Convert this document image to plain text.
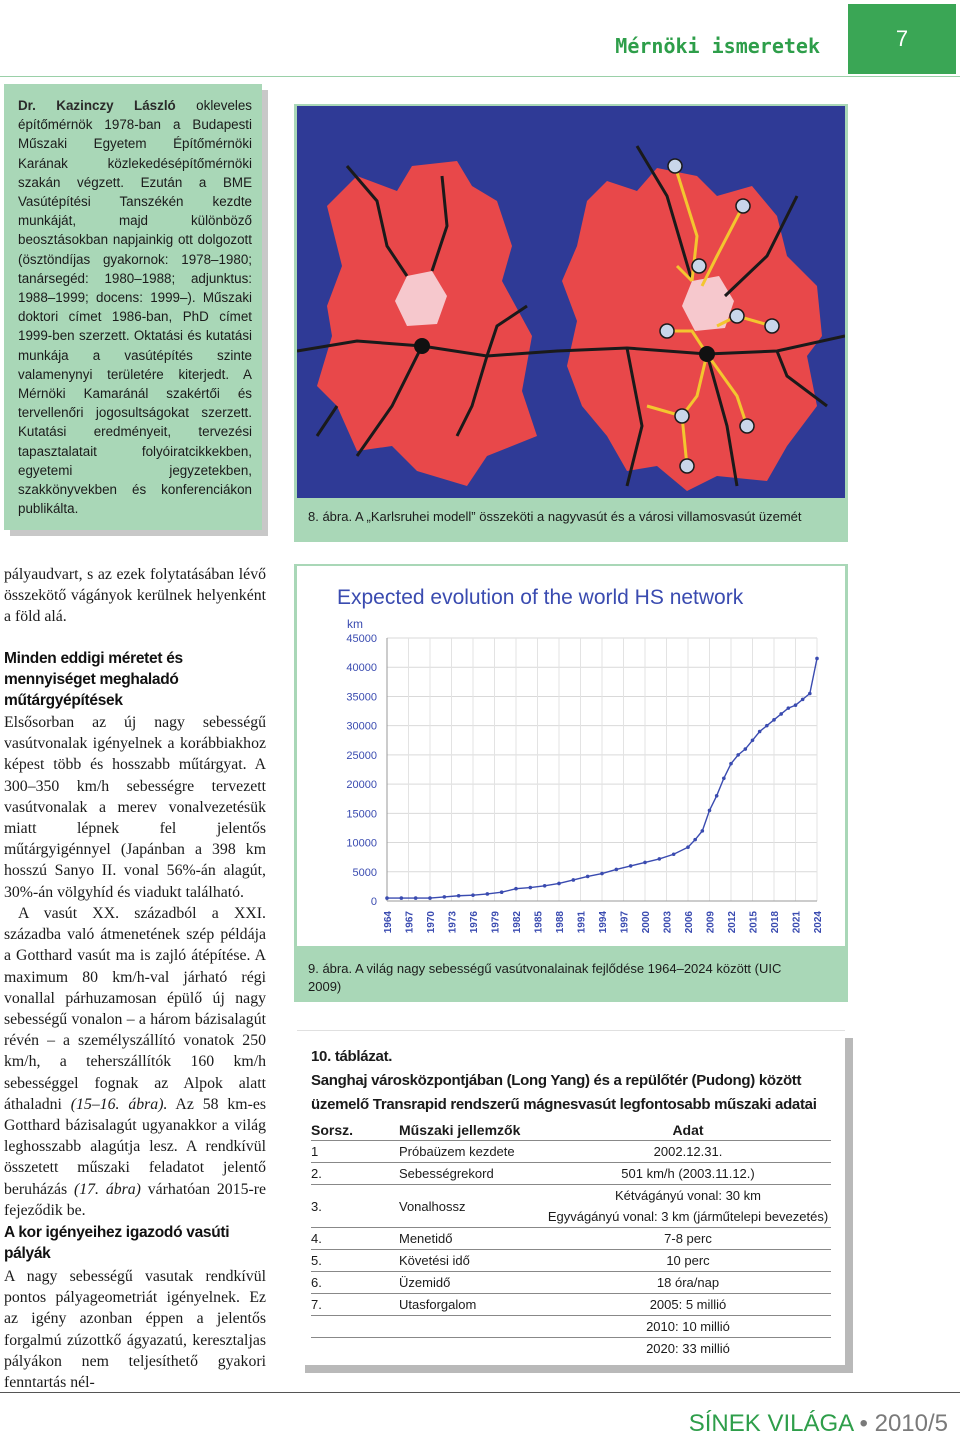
Mérnöki ismeretek	7
Dr. Kazinczy László okleveles építőmérnök 1978-ban a Budapesti Műszaki Egyetem Építőmérnöki Karának közlekedésépítőmérnöki szakán végzett. Ezután a BME Vasútépítési Tanszékén kezdte munkáját, majd különböző beosztásokban napjainkig ott dolgozott (ösztöndíjas gyakornok: 1978–1980; tanársegéd: 1980–1988; adjunktus: 1988–1999; docens: 1999–). Műszaki doktori címet 1986-ban, PhD címet 1999-ben szerzett. Oktatási és kutatási munkája a vasútépítés szinte valamenynyi területére kiterjedt. A Mérnöki Kamaránál szakértői és tervellenőri jogosultságokat szerzett. Kutatási eredményeit, tervezési tapasztalatait folyóiratcikkekben, egyetemi jegyzetekben, szakkönyvekben és konferenciákon publikálta.
8. ábra. A „Karlsruhei modell” összeköti a nagyvasút és a városi villamosvasút üzemét
Expected evolution of the world HS network
km
0
5000
10000
15000
20000
25000
30000
35000
40000
45000
1964 1967 1970 1973 1976 1979 1982 1985 1988 1991 1994 1997 2000 2003 2006 2009 2012 2015 2018 2021 2024
9. ábra. A világ nagy sebességű vasútvonalainak fejlődése 1964–2024 között (UIC 2009)
pályaudvart, s az ezek folytatásában lévő összekötő vágányok kerülnek helyenként a föld alá.
Minden eddigi méretet és mennyiséget meghaladó műtárgyépítések
Elsősorban az új nagy sebességű vasútvonalak igényelnek a korábbiakhoz képest több és hosszabb műtárgyat. A 300–350 km/h sebességre tervezett vasútvonalak a merev vonalvezetésük miatt lépnek fel jelentős műtárgyigénnyel (Japánban a 398 km hosszú Sanyo II. vonal 56%-án alagút, 30%-án völgyhíd és viadukt található.
A vasút XX. századból a XXI. századba való átmenetének szép példája a Gotthard vasút ma is zajló átépítése. A maximum 80 km/h-val járható régi vonallal párhuzamosan épülő új nagy sebességű vonalon – a három bázisalagút révén – a személyszállító vonatok 250 km/h, a teherszállítók 160 km/h sebességgel fognak az Alpok alatt áthaladni (15–16. ábra). Az 58 km-es Gotthard bázisalagút ugyanakkor a világ leghosszabb alagútja lesz. A rendkívül összetett műszaki feladatot jelentő beruházás (17. ábra) várhatóan 2015-re fejeződik be.
A kor igényeihez igazodó vasúti pályák
A nagy sebességű vasutak rendkívül pontos pályageometriát igényelnek. Ez az igény azonban éppen a jelentős forgalmú zúzottkő ágyazatú, keresztaljas pályákon nem teljesíthető gyakori fenntartás nél-
10. táblázat.
Sanghaj városközpontjában (Long Yang) és a repülőtér (Pudong) között üzemelő Transrapid rendszerű mágnesvasút legfontosabb műszaki adatai
Sorsz.	Műszaki jellemzők	Adat
1	Próbaüzem kezdete	2002.12.31.
2.	Sebességrekord	501 km/h (2003.11.12.)
3.	Vonalhossz	Kétvágányú vonal: 30 km
Egyvágányú vonal: 3 km (járműtelepi bevezetés)

4.	Menetidő	7-8 perc
5.	Követési idő	10 perc
6.	Üzemidő	18 óra/nap
7.	Utasforgalom	2005: 5 millió
		2010: 10 millió
		2020: 33 millió
SÍNEK VILÁGA • 2010/5
